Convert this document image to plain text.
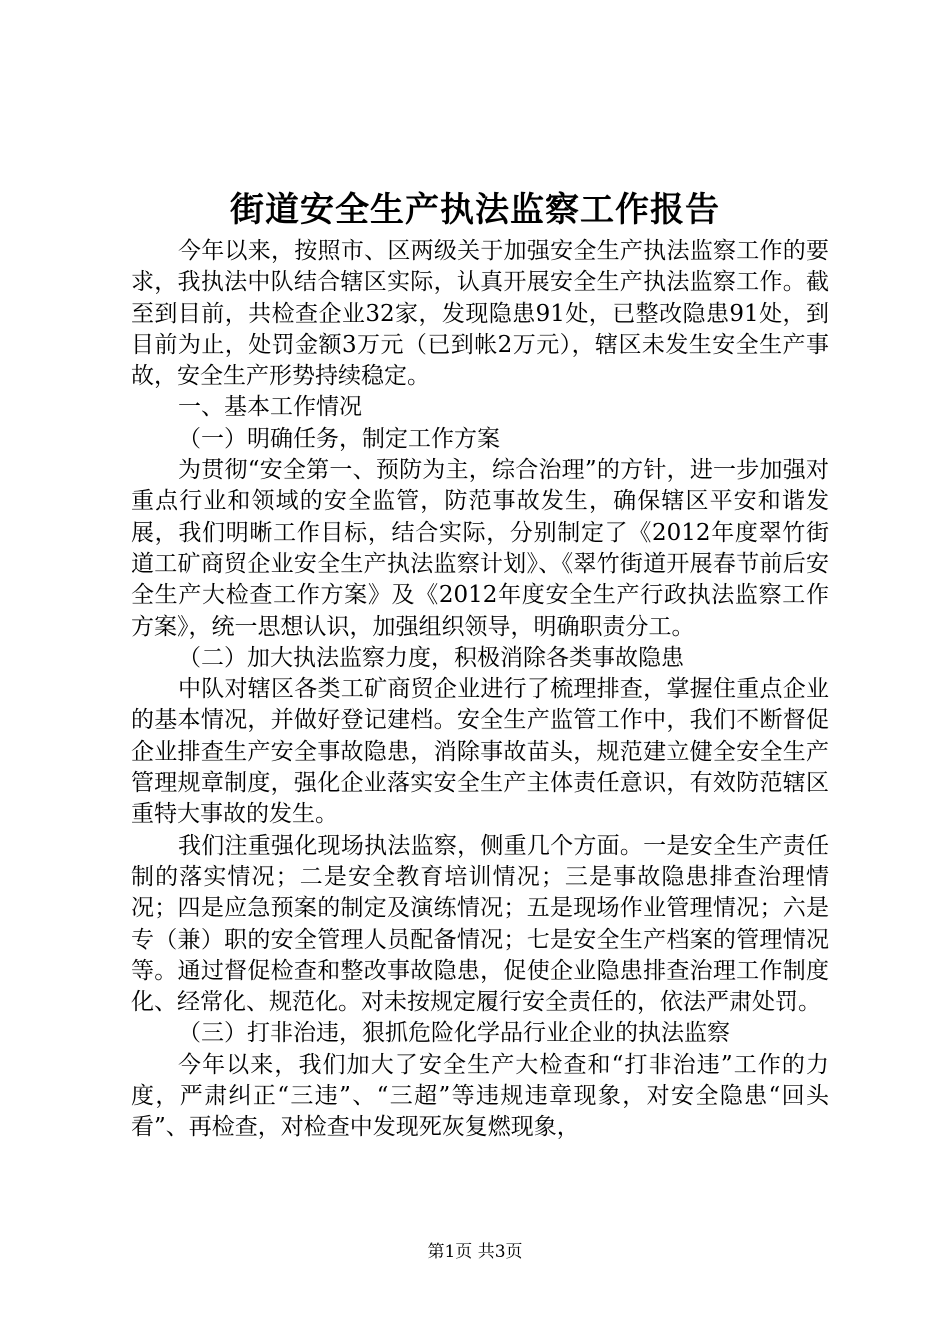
街道安全生产执法监察工作报告

今年以来，按照市、区两级关于加强安全生产执法监察工作的要求，我执法中队结合辖区实际，认真开展安全生产执法监察工作。截至到目前，共检查企业32家，发现隐患91处，已整改隐患91处，到目前为止，处罚金额3万元（已到帐2万元），辖区未发生安全生产事故，安全生产形势持续稳定。

一、基本工作情况

（一）明确任务，制定工作方案

为贯彻“安全第一、预防为主，综合治理”的方针，进一步加强对重点行业和领域的安全监管，防范事故发生，确保辖区平安和谐发展，我们明晰工作目标，结合实际，分别制定了《2012年度翠竹街道工矿商贸企业安全生产执法监察计划》、《翠竹街道开展春节前后安全生产大检查工作方案》及《2012年度安全生产行政执法监察工作方案》，统一思想认识，加强组织领导，明确职责分工。

（二）加大执法监察力度，积极消除各类事故隐患

中队对辖区各类工矿商贸企业进行了梳理排查，掌握住重点企业的基本情况，并做好登记建档。安全生产监管工作中，我们不断督促企业排查生产安全事故隐患，消除事故苗头，规范建立健全安全生产管理规章制度，强化企业落实安全生产主体责任意识，有效防范辖区重特大事故的发生。

我们注重强化现场执法监察，侧重几个方面。一是安全生产责任制的落实情况；二是安全教育培训情况；三是事故隐患排查治理情况；四是应急预案的制定及演练情况；五是现场作业管理情况；六是专（兼）职的安全管理人员配备情况；七是安全生产档案的管理情况等。通过督促检查和整改事故隐患，促使企业隐患排查治理工作制度化、经常化、规范化。对未按规定履行安全责任的，依法严肃处罚。

（三）打非治违，狠抓危险化学品行业企业的执法监察

今年以来，我们加大了安全生产大检查和“打非治违”工作的力度，严肃纠正“三违”、“三超”等违规违章现象，对安全隐患“回头看”、再检查，对检查中发现死灰复燃现象，

第1页 共3页
